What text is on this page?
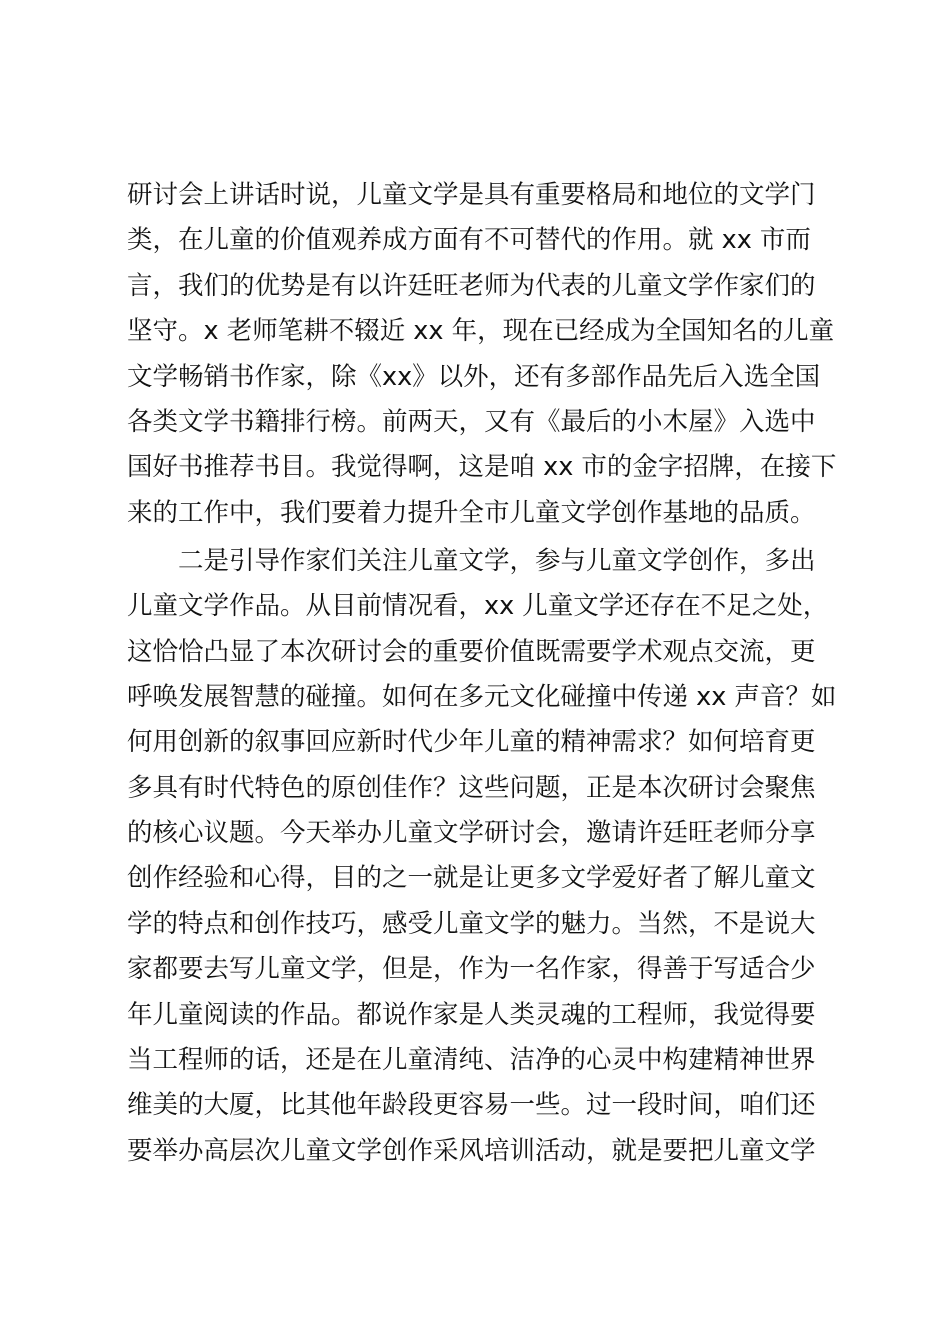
研讨会上讲话时说，儿童文学是具有重要格局和地位的文学门
类，在儿童的价值观养成方面有不可替代的作用。就 xx 市而
言，我们的优势是有以许廷旺老师为代表的儿童文学作家们的
坚守。x 老师笔耕不辍近 xx 年，现在已经成为全国知名的儿童
文学畅销书作家，除《xx》以外，还有多部作品先后入选全国
各类文学书籍排行榜。前两天，又有《最后的小木屋》入选中
国好书推荐书目。我觉得啊，这是咱 xx 市的金字招牌，在接下
来的工作中，我们要着力提升全市儿童文学创作基地的品质。
　　二是引导作家们关注儿童文学，参与儿童文学创作，多出
儿童文学作品。从目前情况看，xx 儿童文学还存在不足之处，
这恰恰凸显了本次研讨会的重要价值既需要学术观点交流，更
呼唤发展智慧的碰撞。如何在多元文化碰撞中传递 xx 声音？如
何用创新的叙事回应新时代少年儿童的精神需求？如何培育更
多具有时代特色的原创佳作？这些问题，正是本次研讨会聚焦
的核心议题。今天举办儿童文学研讨会，邀请许廷旺老师分享
创作经验和心得，目的之一就是让更多文学爱好者了解儿童文
学的特点和创作技巧，感受儿童文学的魅力。当然，不是说大
家都要去写儿童文学，但是，作为一名作家，得善于写适合少
年儿童阅读的作品。都说作家是人类灵魂的工程师，我觉得要
当工程师的话，还是在儿童清纯、洁净的心灵中构建精神世界
维美的大厦，比其他年龄段更容易一些。过一段时间，咱们还
要举办高层次儿童文学创作采风培训活动，就是要把儿童文学
